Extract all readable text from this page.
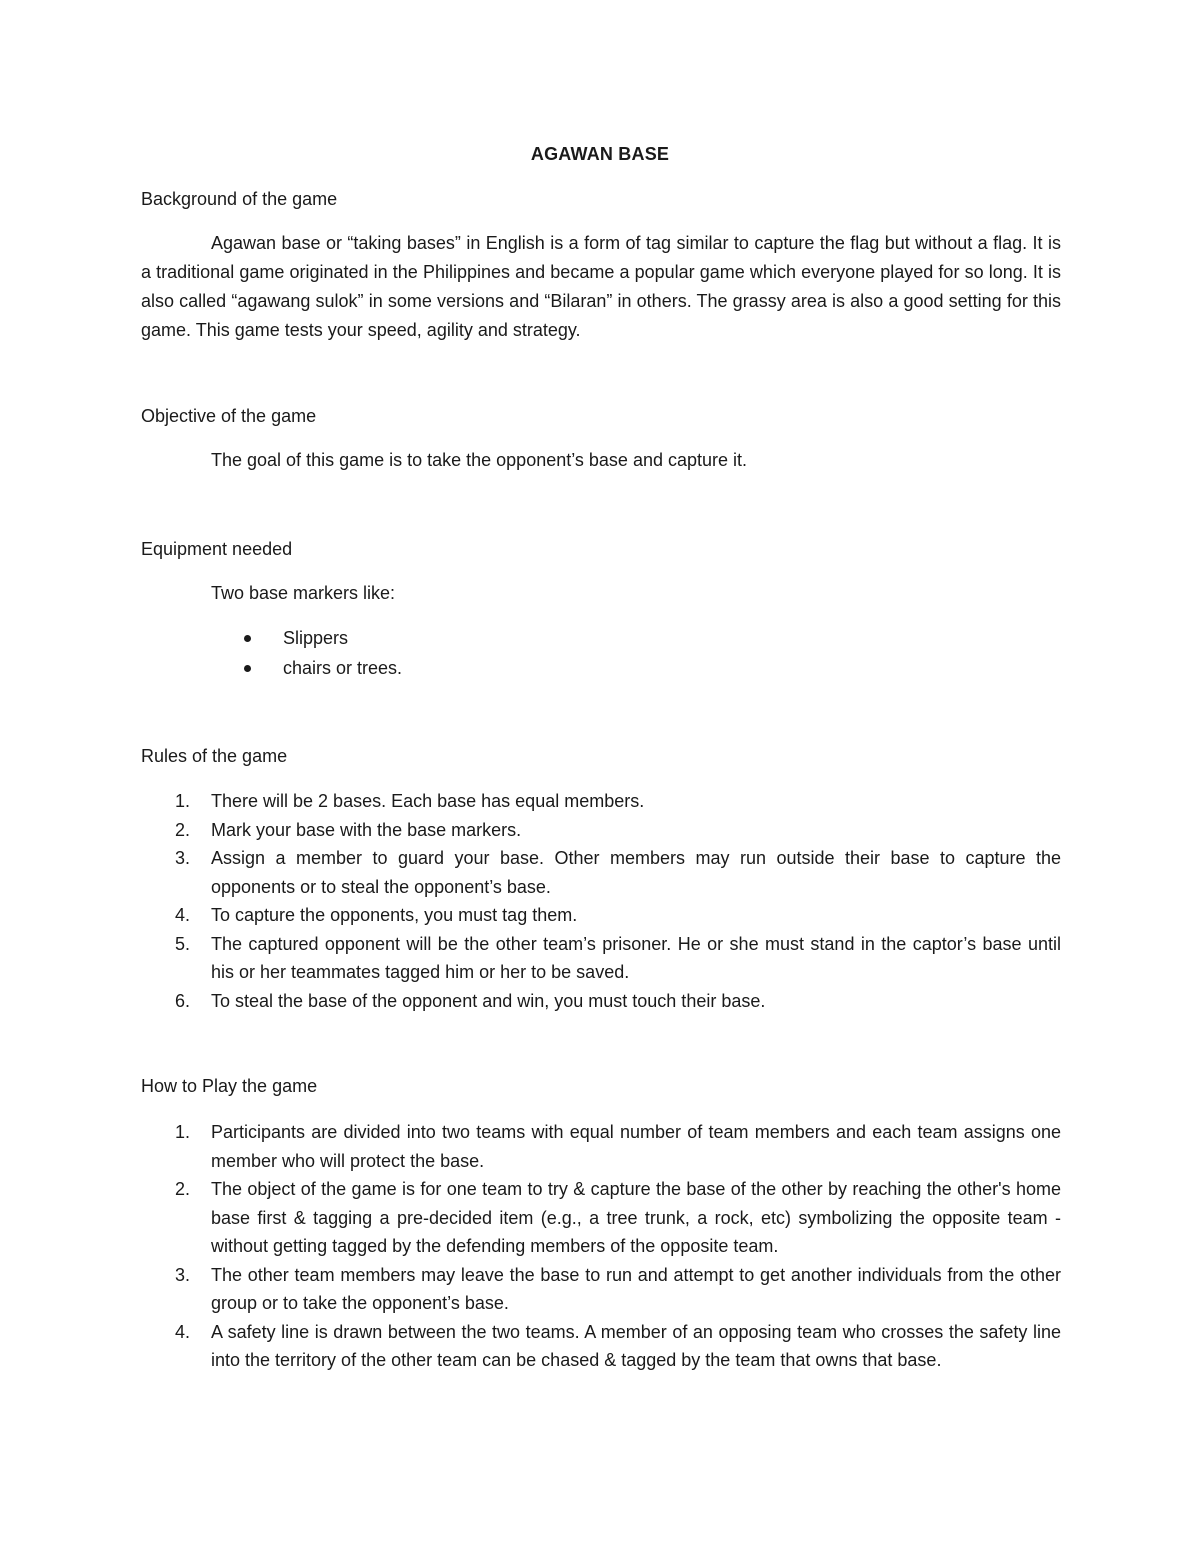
AGAWAN BASE
Background of the game
Agawan base or “taking bases” in English is a form of tag similar to capture the flag but without a flag. It is a traditional game originated in the Philippines and became a popular game which everyone played for so long. It is also called “agawang sulok” in some versions and “Bilaran” in others. The grassy area is also a good setting for this game. This game tests your speed, agility and strategy.
Objective of the game
The goal of this game is to take the opponent’s base and capture it.
Equipment needed
Two base markers like:
Slippers
chairs or trees.
Rules of the game
1. There will be 2 bases. Each base has equal members.
2. Mark your base with the base markers.
3. Assign a member to guard your base. Other members may run outside their base to capture the opponents or to steal the opponent’s base.
4. To capture the opponents, you must tag them.
5. The captured opponent will be the other team’s prisoner. He or she must stand in the captor’s base until his or her teammates tagged him or her to be saved.
6. To steal the base of the opponent and win, you must touch their base.
How to Play the game
1. Participants are divided into two teams with equal number of team members and each team assigns one member who will protect the base.
2. The object of the game is for one team to try & capture the base of the other by reaching the other's home base first & tagging a pre-decided item (e.g., a tree trunk, a rock, etc) symbolizing the opposite team - without getting tagged by the defending members of the opposite team.
3. The other team members may leave the base to run and attempt to get another individuals from the other group or to take the opponent’s base.
4. A safety line is drawn between the two teams. A member of an opposing team who crosses the safety line into the territory of the other team can be chased & tagged by the team that owns that base.
